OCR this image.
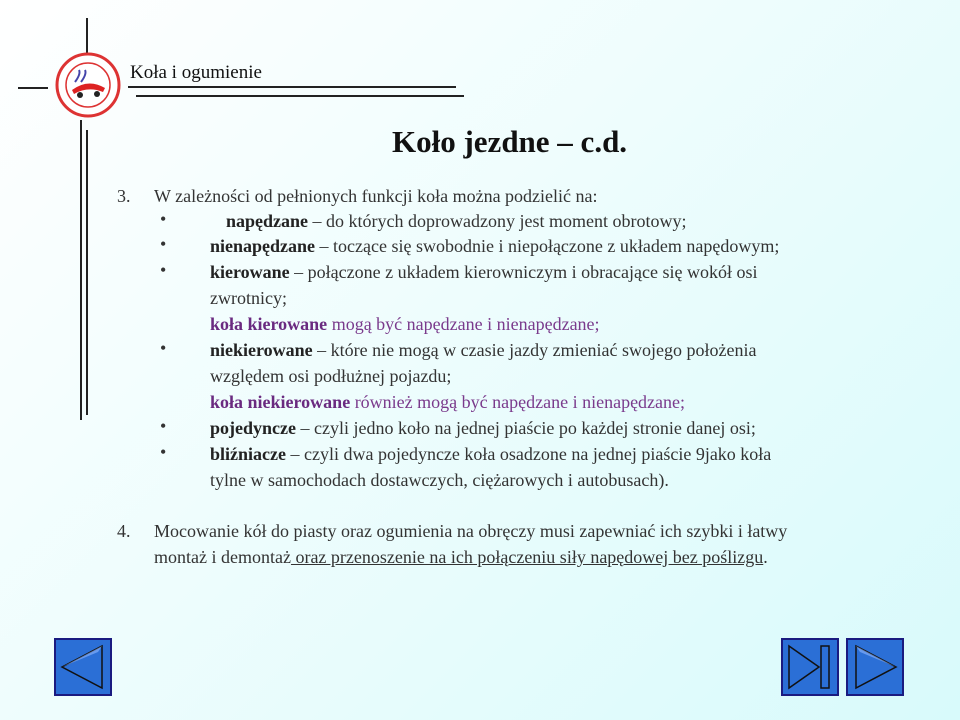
Koła i ogumienie
Koło jezdne – c.d.
3. W zależności od pełnionych funkcji koła można podzielić na:
•	napędzane – do których doprowadzony jest moment obrotowy;
• nienapędzane – toczące się swobodnie i niepołączone z układem napędowym;
• kierowane – połączone z układem kierowniczym i obracające się wokół osi
zwrotnicy;
koła kierowane mogą być napędzane i nienapędzane;
• niekierowane – które nie mogą w czasie jazdy zmieniać swojego położenia
względem osi podłużnej pojazdu;
koła niekierowane również mogą być napędzane i nienapędzane;
• pojedyncze – czyli jedno koło na jednej piaście po każdej stronie danej osi;
• bliźniacze – czyli dwa pojedyncze koła osadzone na jednej piaście 9jako koła
tylne w samochodach dostawczych, ciężarowych i autobusach).
4. Mocowanie kół do piasty oraz ogumienia na obręczy musi zapewniać ich szybki i łatwy
montaż i demontaż oraz przenoszenie na ich połączeniu siły napędowej bez poślizgu.
